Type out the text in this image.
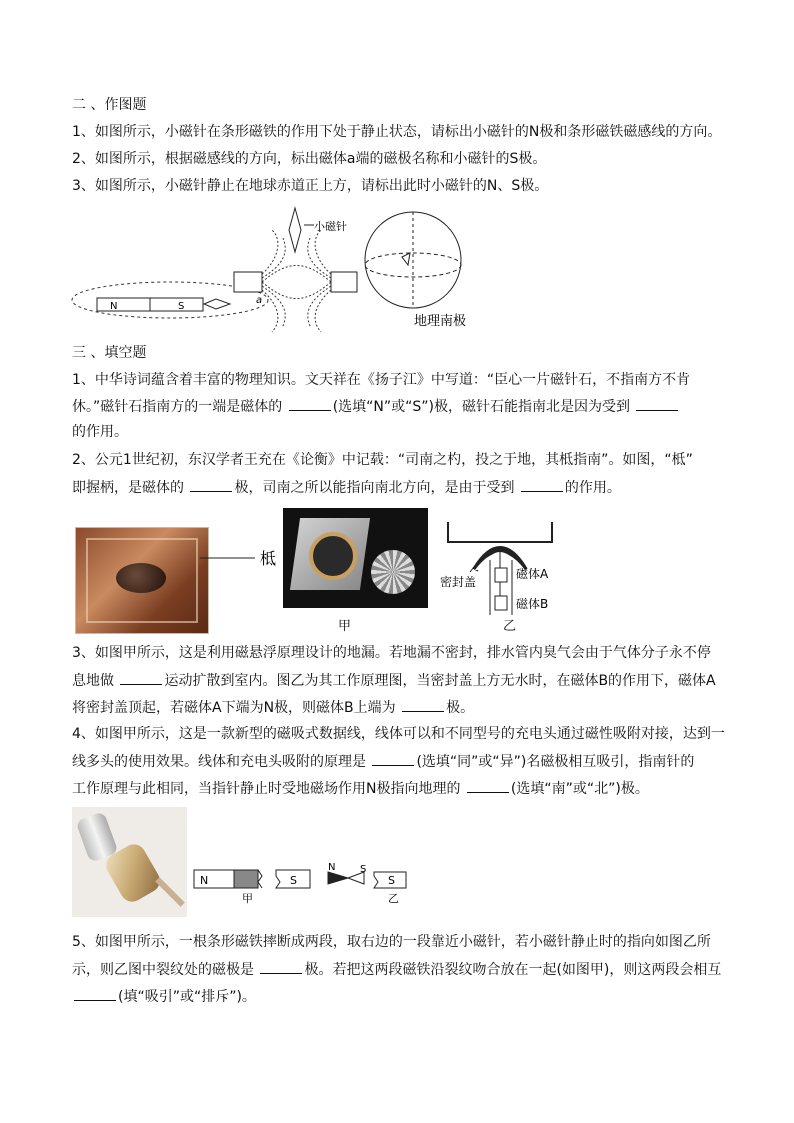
二 、作图题
1、如图所示，小磁针在条形磁铁的作用下处于静止状态，请标出小磁针的N极和条形磁铁磁感线的方向。
2、如图所示，根据磁感线的方向，标出磁体a端的磁极名称和小磁针的S极。
3、如图所示，小磁针静止在地球赤道正上方，请标出此时小磁针的N、S极。
N	S
小磁针
a
地理南极
三 、填空题
1、中华诗词蕴含着丰富的物理知识。文天祥在《扬子江》中写道：“臣心一片磁针石，不指南方不肯
休。”磁针石指南方的一端是磁体的	(选填“N”或“S”)极，磁针石能指南北是因为受到
的作用。
2、公元1世纪初，东汉学者王充在《论衡》中记载：“司南之杓，投之于地，其柢指南”。如图，“柢”
即握柄，是磁体的	极，司南之所以能指向南北方向，是由于受到	的作用。
柢
甲
密封盖
磁体A
磁体B
乙
3、如图甲所示，这是利用磁悬浮原理设计的地漏。若地漏不密封，排水管内臭气会由于气体分子永不停
息地做	运动扩散到室内。图乙为其工作原理图，当密封盖上方无水时，在磁体B的作用下，磁体A
将密封盖顶起，若磁体A下端为N极，则磁体B上端为	极。
4、如图甲所示，这是一款新型的磁吸式数据线，线体可以和不同型号的充电头通过磁性吸附对接，达到一
线多头的使用效果。线体和充电头吸附的原理是	(选填“同”或“异”)名磁极相互吸引，指南针的
工作原理与此相同，当指针静止时受地磁场作用N极指向地理的	(选填“南”或“北”)极。
N	S
甲
N S
S
乙
5、如图甲所示，一根条形磁铁摔断成两段，取右边的一段靠近小磁针，若小磁针静止时的指向如图乙所
示，则乙图中裂纹处的磁极是	极。若把这两段磁铁沿裂纹吻合放在一起(如图甲)，则这两段会相互
(填“吸引”或“排斥”)。
